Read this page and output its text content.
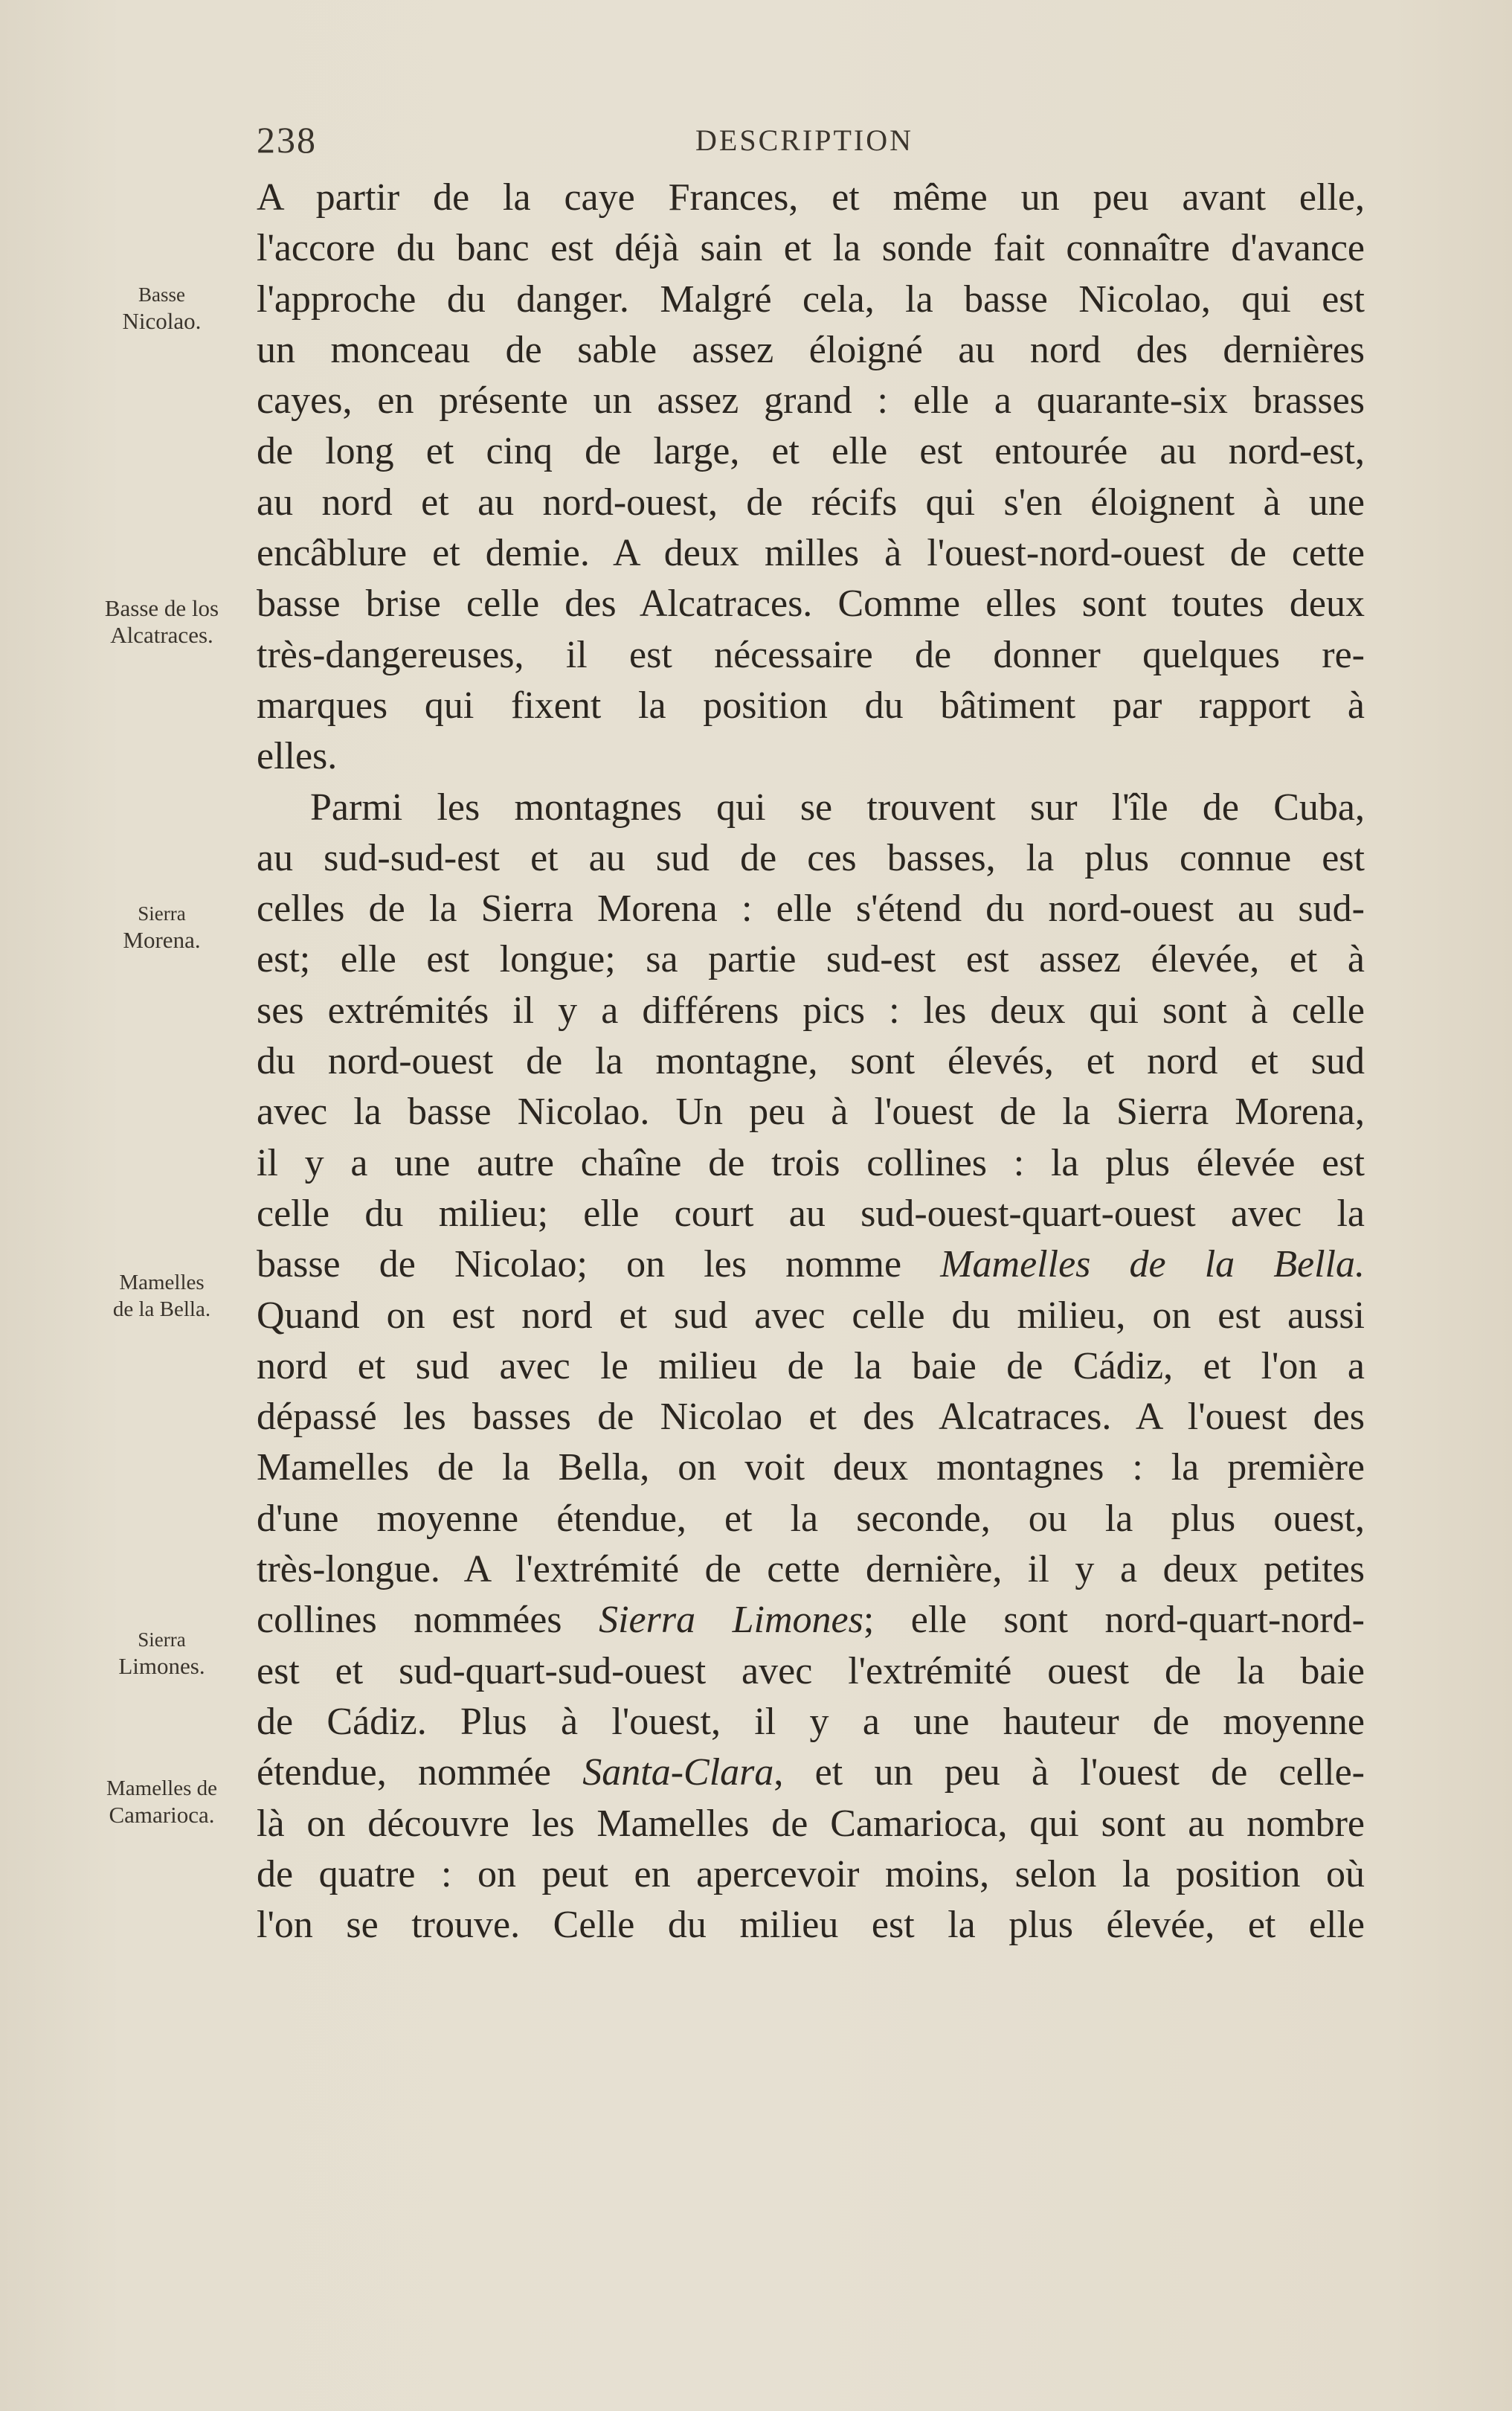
238	DESCRIPTION
Basse
Nicolao.
Basse de los
Alcatraces.
Sierra
Morena.
Mamelles
de la Bella.
Sierra
Limones.
Mamelles de
Camarioca.
A partir de la caye Frances, et même un peu avant elle,
l'accore du banc est déjà sain et la sonde fait connaître d'avance
l'approche du danger. Malgré cela, la basse Nicolao, qui est
un monceau de sable assez éloigné au nord des dernières
cayes, en présente un assez grand : elle a quarante-six brasses
de long et cinq de large, et elle est entourée au nord-est,
au nord et au nord-ouest, de récifs qui s'en éloignent à une
encâblure et demie. A deux milles à l'ouest-nord-ouest de cette
basse brise celle des Alcatraces. Comme elles sont toutes deux
très-dangereuses, il est nécessaire de donner quelques re-
marques qui fixent la position du bâtiment par rapport à
elles.
Parmi les montagnes qui se trouvent sur l'île de Cuba,
au sud-sud-est et au sud de ces basses, la plus connue est
celles de la Sierra Morena : elle s'étend du nord-ouest au sud-
est; elle est longue; sa partie sud-est est assez élevée, et à
ses extrémités il y a différens pics : les deux qui sont à celle
du nord-ouest de la montagne, sont élevés, et nord et sud
avec la basse Nicolao. Un peu à l'ouest de la Sierra Morena,
il y a une autre chaîne de trois collines : la plus élevée est
celle du milieu; elle court au sud-ouest-quart-ouest avec la
basse de Nicolao; on les nomme Mamelles de la Bella.
Quand on est nord et sud avec celle du milieu, on est aussi
nord et sud avec le milieu de la baie de Cádiz, et l'on a
dépassé les basses de Nicolao et des Alcatraces. A l'ouest des
Mamelles de la Bella, on voit deux montagnes : la première
d'une moyenne étendue, et la seconde, ou la plus ouest,
très-longue. A l'extrémité de cette dernière, il y a deux petites
collines nommées Sierra Limones; elle sont nord-quart-nord-
est et sud-quart-sud-ouest avec l'extrémité ouest de la baie
de Cádiz. Plus à l'ouest, il y a une hauteur de moyenne
étendue, nommée Santa-Clara, et un peu à l'ouest de celle-
là on découvre les Mamelles de Camarioca, qui sont au nombre
de quatre : on peut en apercevoir moins, selon la position où
l'on se trouve. Celle du milieu est la plus élevée, et elle
